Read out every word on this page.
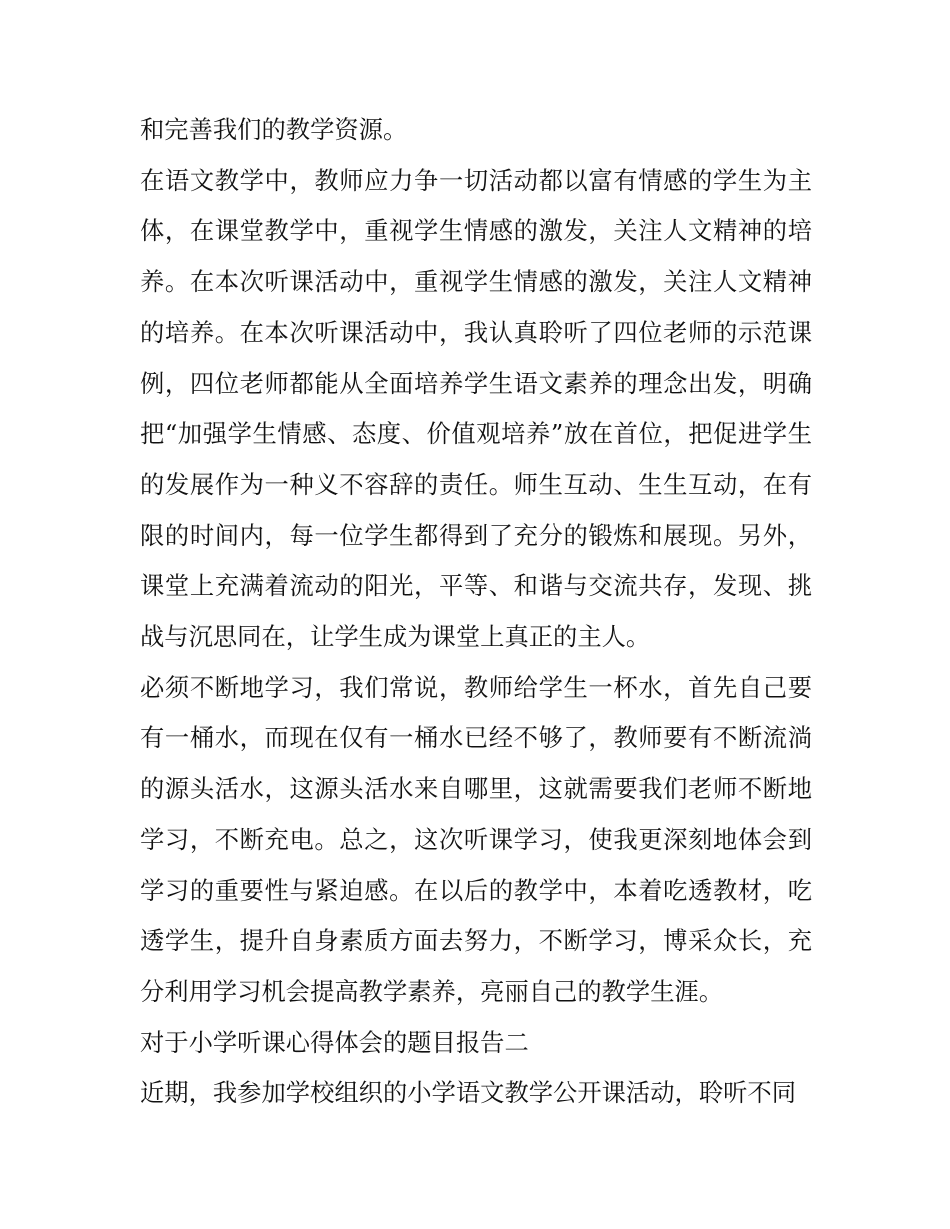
和完善我们的教学资源。

在语文教学中，教师应力争一切活动都以富有情感的学生为主体，在课堂教学中，重视学生情感的激发，关注人文精神的培养。在本次听课活动中，重视学生情感的激发，关注人文精神的培养。在本次听课活动中，我认真聆听了四位老师的示范课例，四位老师都能从全面培养学生语文素养的理念出发，明确把“加强学生情感、态度、价值观培养”放在首位，把促进学生的发展作为一种义不容辞的责任。师生互动、生生互动，在有限的时间内，每一位学生都得到了充分的锻炼和展现。另外，课堂上充满着流动的阳光，平等、和谐与交流共存，发现、挑战与沉思同在，让学生成为课堂上真正的主人。

必须不断地学习，我们常说，教师给学生一杯水，首先自己要有一桶水，而现在仅有一桶水已经不够了，教师要有不断流淌的源头活水，这源头活水来自哪里，这就需要我们老师不断地学习，不断充电。总之，这次听课学习，使我更深刻地体会到学习的重要性与紧迫感。在以后的教学中，本着吃透教材，吃透学生，提升自身素质方面去努力，不断学习，博采众长，充分利用学习机会提高教学素养，亮丽自己的教学生涯。

对于小学听课心得体会的题目报告二

近期，我参加学校组织的小学语文教学公开课活动，聆听不同
